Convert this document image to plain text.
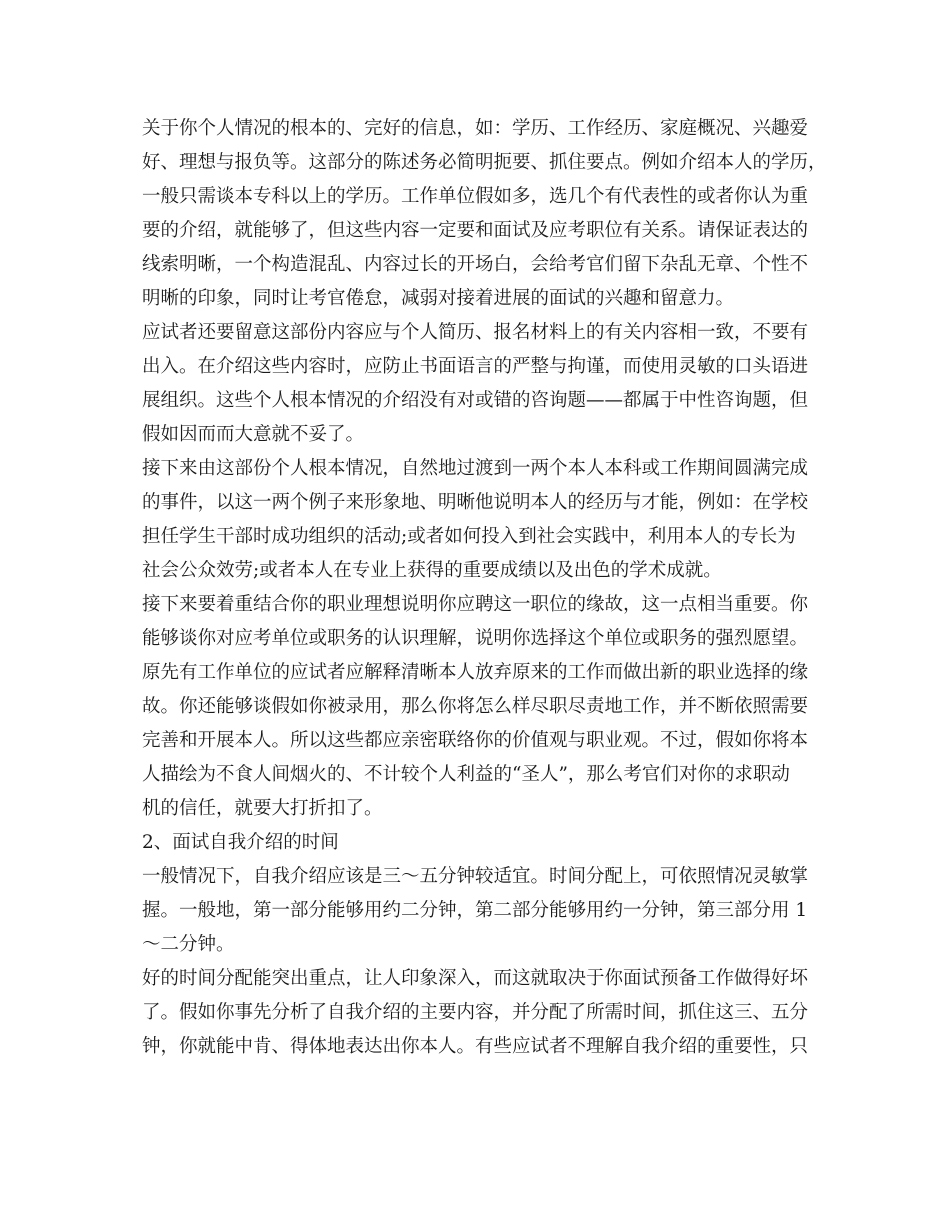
关于你个人情况的根本的、完好的信息，如：学历、工作经历、家庭概况、兴趣爱
好、理想与报负等。这部分的陈述务必简明扼要、抓住要点。例如介绍本人的学历，
一般只需谈本专科以上的学历。工作单位假如多，选几个有代表性的或者你认为重
要的介绍，就能够了，但这些内容一定要和面试及应考职位有关系。请保证表达的
线索明晰，一个构造混乱、内容过长的开场白，会给考官们留下杂乱无章、个性不
明晰的印象，同时让考官倦怠，减弱对接着进展的面试的兴趣和留意力。
应试者还要留意这部份内容应与个人简历、报名材料上的有关内容相一致，不要有
出入。在介绍这些内容时，应防止书面语言的严整与拘谨，而使用灵敏的口头语进
展组织。这些个人根本情况的介绍没有对或错的咨询题——都属于中性咨询题，但
假如因而而大意就不妥了。
接下来由这部份个人根本情况，自然地过渡到一两个本人本科或工作期间圆满完成
的事件，以这一两个例子来形象地、明晰他说明本人的经历与才能，例如：在学校
担任学生干部时成功组织的活动;或者如何投入到社会实践中，利用本人的专长为
社会公众效劳;或者本人在专业上获得的重要成绩以及出色的学术成就。
接下来要着重结合你的职业理想说明你应聘这一职位的缘故，这一点相当重要。你
能够谈你对应考单位或职务的认识理解，说明你选择这个单位或职务的强烈愿望。
原先有工作单位的应试者应解释清晰本人放弃原来的工作而做出新的职业选择的缘
故。你还能够谈假如你被录用，那么你将怎么样尽职尽责地工作，并不断依照需要
完善和开展本人。所以这些都应亲密联络你的价值观与职业观。不过，假如你将本
人描绘为不食人间烟火的、不计较个人利益的“圣人”，那么考官们对你的求职动
机的信任，就要大打折扣了。
2、面试自我介绍的时间
一般情况下，自我介绍应该是三～五分钟较适宜。时间分配上，可依照情况灵敏掌
握。一般地，第一部分能够用约二分钟，第二部分能够用约一分钟，第三部分用 1
～二分钟。
好的时间分配能突出重点，让人印象深入，而这就取决于你面试预备工作做得好坏
了。假如你事先分析了自我介绍的主要内容，并分配了所需时间，抓住这三、五分
钟，你就能中肯、得体地表达出你本人。有些应试者不理解自我介绍的重要性，只
